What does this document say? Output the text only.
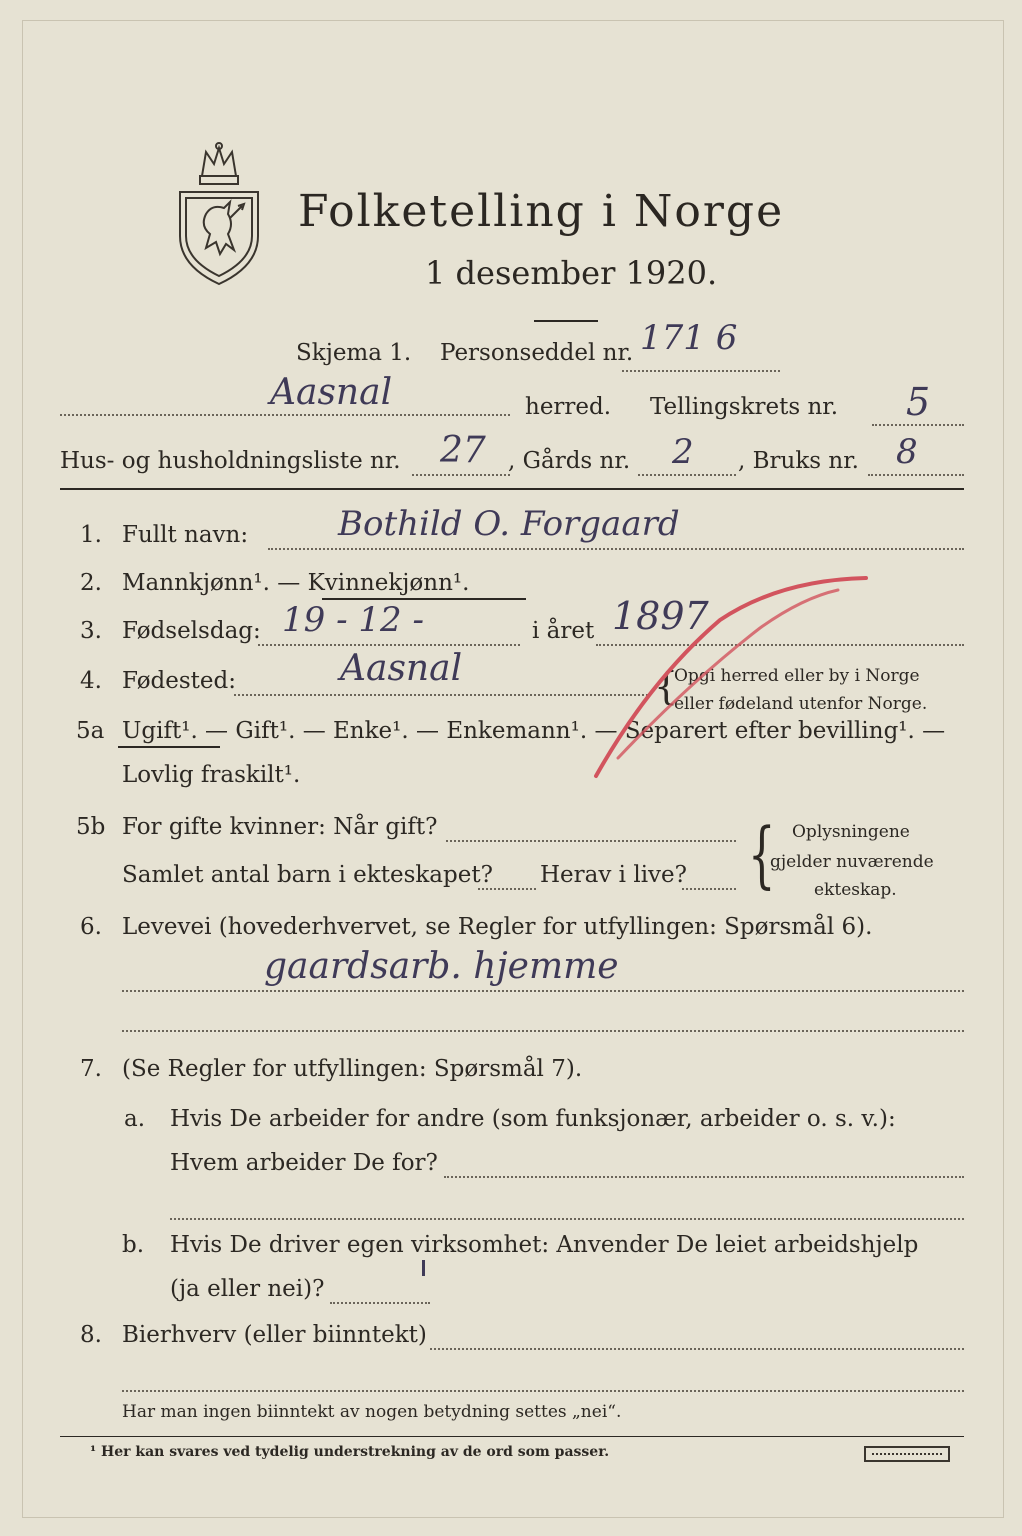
Folketelling i Norge
1 desember 1920.
Skjema 1. Personseddel nr. 171 6
Aasnal	herred. Tellingskrets nr. 5
Hus- og husholdningsliste nr. 27 , Gårds nr. 2 , Bruks nr. 8
1. Fullt navn:	Bothild O. Forgaard
2. Mannkjønn¹. — Kvinnekjønn¹.
3. Fødselsdag: 19 - 12 -	i året 1897
4. Fødested:	Aasnal	{
Opgi herred eller by i Norge
eller fødeland utenfor Norge.
5a Ugift¹. — Gift¹. — Enke¹. — Enkemann¹. — Separert efter bevilling¹. —
Lovlig fraskilt¹.
5b For gifte kvinner: Når gift?
Samlet antal barn i ekteskapet? Herav i live? { Oplysningene
gjelder nuværende
ekteskap.
6. Levevei (hovederhvervet, se Regler for utfyllingen: Spørsmål 6).
gaardsarb. hjemme
7. (Se Regler for utfyllingen: Spørsmål 7).
a. Hvis De arbeider for andre (som funksjonær, arbeider o. s. v.):
Hvem arbeider De for?
b. Hvis De driver egen virksomhet: Anvender De leiet arbeidshjelp
(ja eller nei)?
8. Bierhverv (eller biinntekt)
Har man ingen biinntekt av nogen betydning settes „nei“.
¹ Her kan svares ved tydelig understrekning av de ord som passer.
